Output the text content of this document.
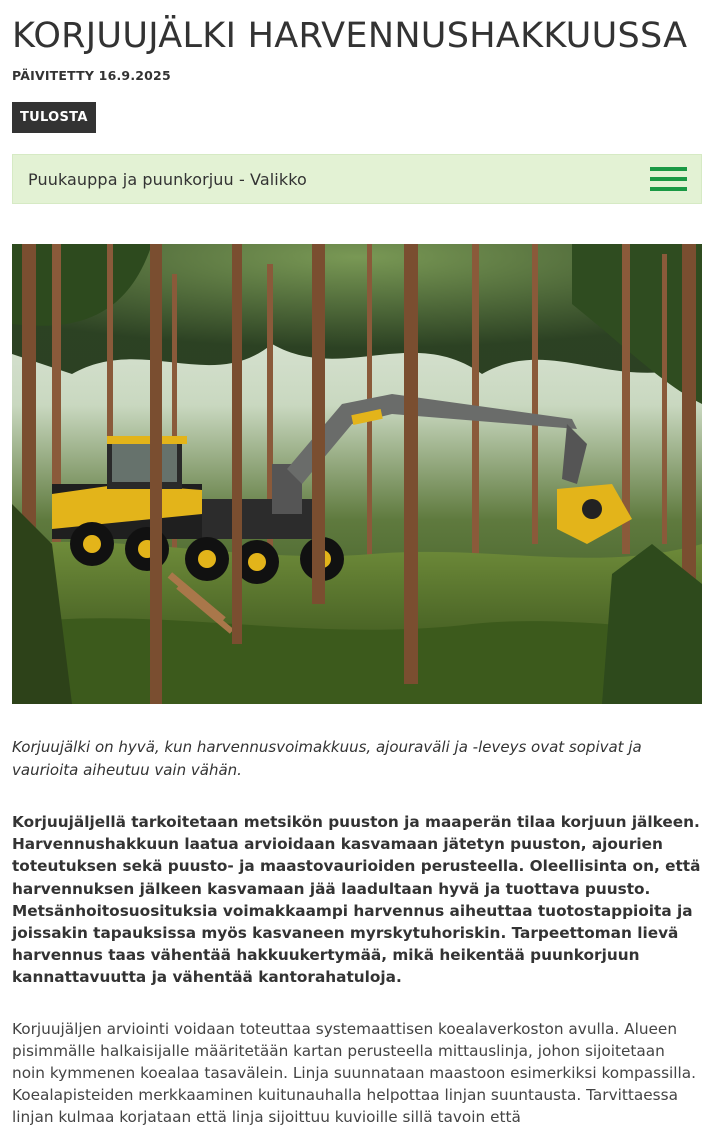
KORJUUJÄLKI HARVENNUSHAKKUUSSA
PÄIVITETTY 16.9.2025
TULOSTA
Puukauppa ja puunkorjuu - Valikko

Korjuujälki on hyvä, kun harvennusvoimakkuus, ajouraväli ja -leveys ovat sopivat ja vaurioita aiheutuu vain vähän.

Korjuujäljellä tarkoitetaan metsikön puuston ja maaperän tilaa korjuun jälkeen. Harvennushakkuun laatua arvioidaan kasvamaan jätetyn puuston, ajourien toteutuksen sekä puusto- ja maastovaurioiden perusteella. Oleellisinta on, että harvennuksen jälkeen kasvamaan jää laadultaan hyvä ja tuottava puusto. Metsänhoitosuosituksia voimakkaampi harvennus aiheuttaa tuotostappioita ja joissakin tapauksissa myös kasvaneen myrskytuhoriskin. Tarpeettoman lievä harvennus taas vähentää hakkuukertymää, mikä heikentää puunkorjuun kannattavuutta ja vähentää kantorahatuloja.

Korjuujäljen arviointi voidaan toteuttaa systemaattisen koealaverkoston avulla. Alueen pisimmälle halkaisijalle määritetään kartan perusteella mittauslinja, johon sijoitetaan noin kymmenen koealaa tasavälein. Linja suunnataan maastoon esimerkiksi kompassilla. Koealapisteiden merkkaaminen kuitunauhalla helpottaa linjan suuntausta. Tarvittaessa linjan kulmaa korjataan että linja sijoittuu kuvioille sillä tavoin että
